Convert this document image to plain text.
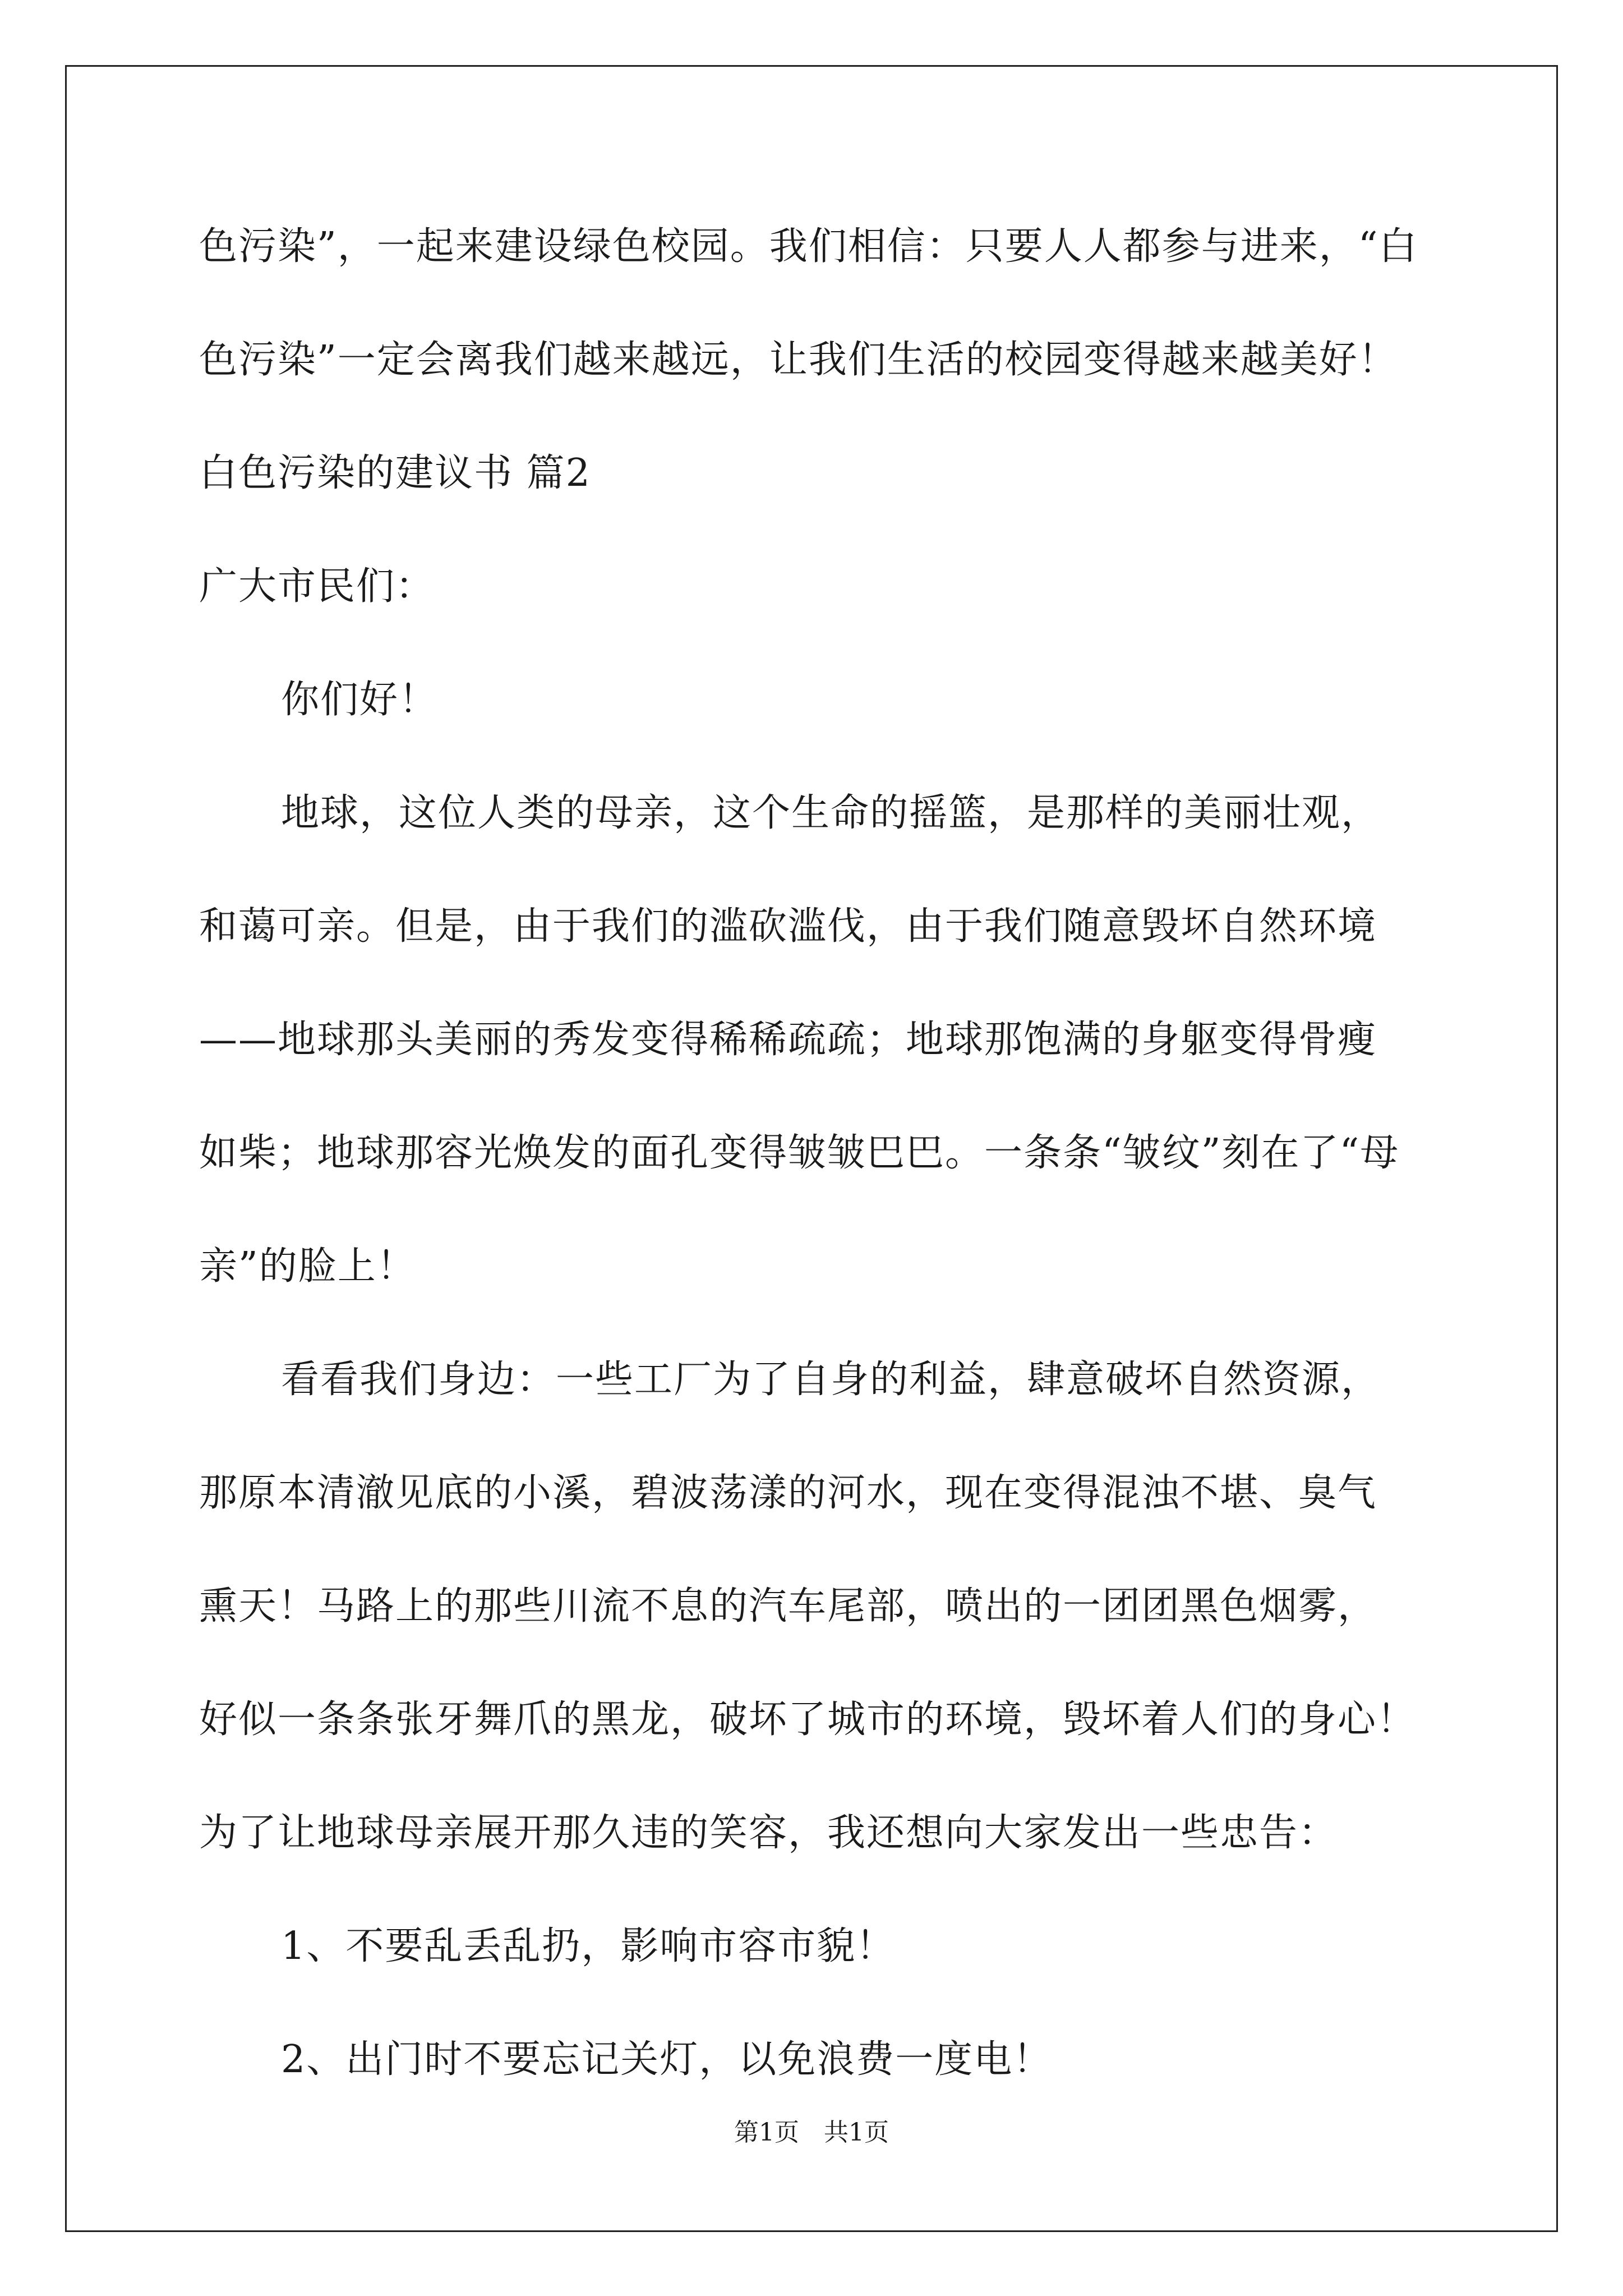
色污染”，一起来建设绿色校园。我们相信：只要人人都参与进来，“白
色污染”一定会离我们越来越远，让我们生活的校园变得越来越美好！
白色污染的建议书 篇2
广大市民们：
你们好！
地球，这位人类的母亲，这个生命的摇篮，是那样的美丽壮观，
和蔼可亲。但是，由于我们的滥砍滥伐，由于我们随意毁坏自然环境
——地球那头美丽的秀发变得稀稀疏疏；地球那饱满的身躯变得骨瘦
如柴；地球那容光焕发的面孔变得皱皱巴巴。一条条“皱纹”刻在了“母
亲”的脸上！
看看我们身边：一些工厂为了自身的利益，肆意破坏自然资源，
那原本清澈见底的小溪，碧波荡漾的河水，现在变得混浊不堪、臭气
熏天！马路上的那些川流不息的汽车尾部，喷出的一团团黑色烟雾，
好似一条条张牙舞爪的黑龙，破坏了城市的环境，毁坏着人们的身心！
为了让地球母亲展开那久违的笑容，我还想向大家发出一些忠告：
1、不要乱丢乱扔，影响市容市貌！
2、出门时不要忘记关灯，以免浪费一度电！
第1页　共1页
